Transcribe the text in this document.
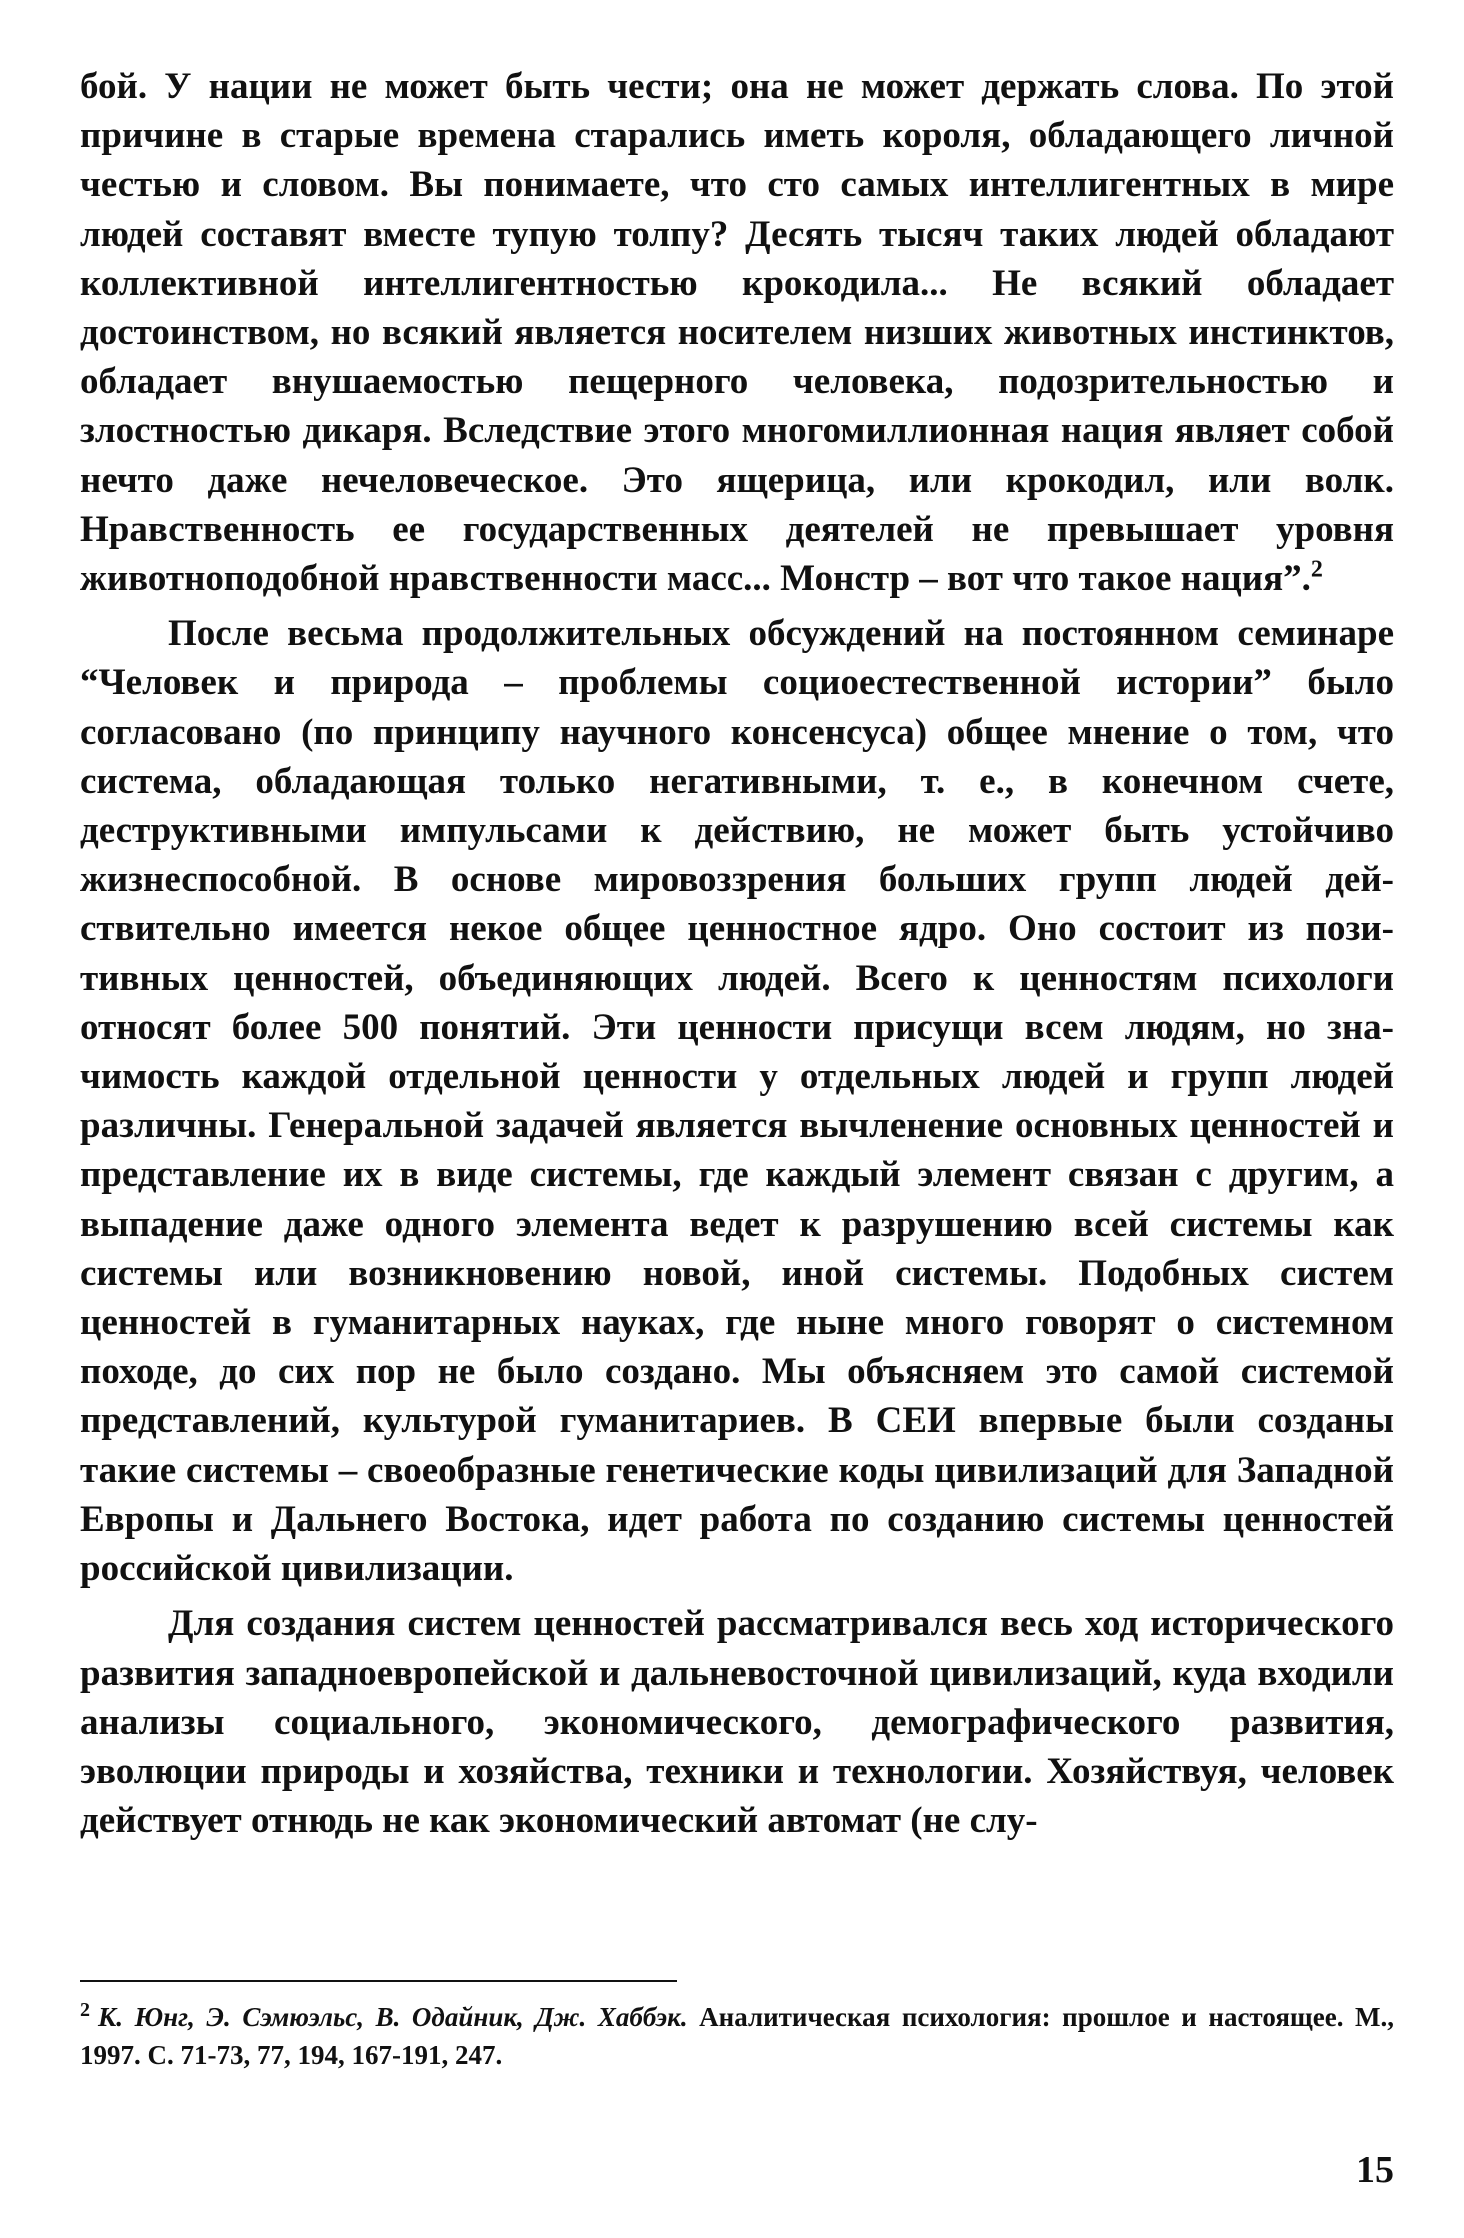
бой. У нации не может быть чести; она не может держать слова. По этой причине в старые времена старались иметь короля, обладающего личной честью и словом. Вы понимаете, что сто самых интеллигентных в мире людей составят вместе тупую толпу? Десять тысяч таких людей обладают коллективной интеллигентностью крокодила... Не всякий обладает достоинством, но всякий является носителем низших животных инстинктов, обладает внушаемостью пещерного человека, подозрительностью и злостностью дикаря. Вследствие этого многомиллионная нация являет собой нечто даже нечеловеческое. Это ящерица, или крокодил, или волк. Нравственность ее государственных деятелей не превышает уровня животноподобной нравственности масс... Монстр – вот что такое нация”.$^2$

После весьма продолжительных обсуждений на постоянном семинаре “Человек и природа – проблемы социоестественной истории” было согласовано (по принципу научного консенсуса) общее мнение о том, что система, обладающая только негативными, т. е., в конечном счете, деструктивными импульсами к действию, не может быть устойчиво жизнеспособной. В основе мировоззрения больших групп людей действительно имеется некое общее ценностное ядро. Оно состоит из позитивных ценностей, объединяющих людей. Всего к ценностям психологи относят более 500 понятий. Эти ценности присущи всем людям, но значимость каждой отдельной ценности у отдельных людей и групп людей различны. Генеральной задачей является вычленение основных ценностей и представление их в виде системы, где каждый элемент связан с другим, а выпадение даже одного элемента ведет к разрушению всей системы как системы или возникновению новой, иной системы. Подобных систем ценностей в гуманитарных науках, где ныне много говорят о системном походе, до сих пор не было создано. Мы объясняем это самой системой представлений, культурой гуманитариев. В СЕИ впервые были созданы такие системы – своеобразные генетические коды цивилизаций для Западной Европы и Дальнего Востока, идет работа по созданию системы ценностей российской цивилизации.

Для создания систем ценностей рассматривался весь ход исторического развития западноевропейской и дальневосточной цивилизаций, куда входили анализы социального, экономического, демографического развития, эволюции природы и хозяйства, техники и технологии. Хозяйствуя, человек действует отнюдь не как экономический автомат (не слу-

$^2$ К. Юнг, Э. Сэмюэльс, В. Одайник, Дж. Хаббэк. Аналитическая психология: прошлое и настоящее. М., 1997. С. 71-73, 77, 194, 167-191, 247.
15
